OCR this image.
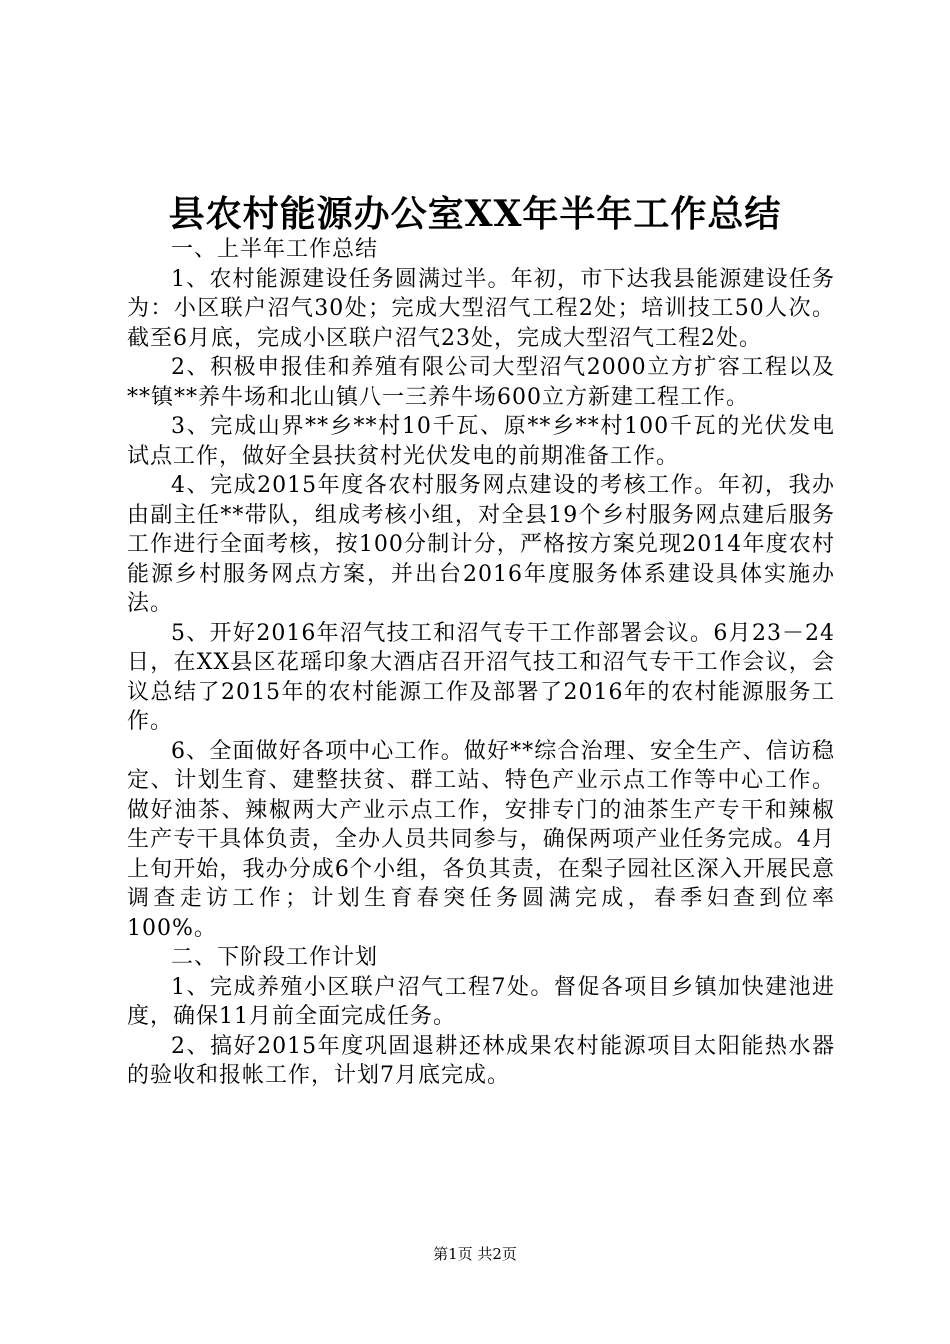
县农村能源办公室XX年半年工作总结

一、上半年工作总结

1、农村能源建设任务圆满过半。年初，市下达我县能源建设任务为：小区联户沼气30处；完成大型沼气工程2处；培训技工50人次。截至6月底，完成小区联户沼气23处，完成大型沼气工程2处。

2、积极申报佳和养殖有限公司大型沼气2000立方扩容工程以及**镇**养牛场和北山镇八一三养牛场600立方新建工程工作。

3、完成山界**乡**村10千瓦、原**乡**村100千瓦的光伏发电试点工作，做好全县扶贫村光伏发电的前期准备工作。

4、完成2015年度各农村服务网点建设的考核工作。年初，我办由副主任**带队，组成考核小组，对全县19个乡村服务网点建后服务工作进行全面考核，按100分制计分，严格按方案兑现2014年度农村能源乡村服务网点方案，并出台2016年度服务体系建设具体实施办法。

5、开好2016年沼气技工和沼气专干工作部署会议。6月23－24日，在XX县区花瑶印象大酒店召开沼气技工和沼气专干工作会议，会议总结了2015年的农村能源工作及部署了2016年的农村能源服务工作。

6、全面做好各项中心工作。做好**综合治理、安全生产、信访稳定、计划生育、建整扶贫、群工站、特色产业示点工作等中心工作。做好油茶、辣椒两大产业示点工作，安排专门的油茶生产专干和辣椒生产专干具体负责，全办人员共同参与，确保两项产业任务完成。4月上旬开始，我办分成6个小组，各负其责，在梨子园社区深入开展民意调查走访工作；计划生育春突任务圆满完成，春季妇查到位率100%。

二、下阶段工作计划

1、完成养殖小区联户沼气工程7处。督促各项目乡镇加快建池进度，确保11月前全面完成任务。

2、搞好2015年度巩固退耕还林成果农村能源项目太阳能热水器的验收和报帐工作，计划7月底完成。

第1页 共2页
